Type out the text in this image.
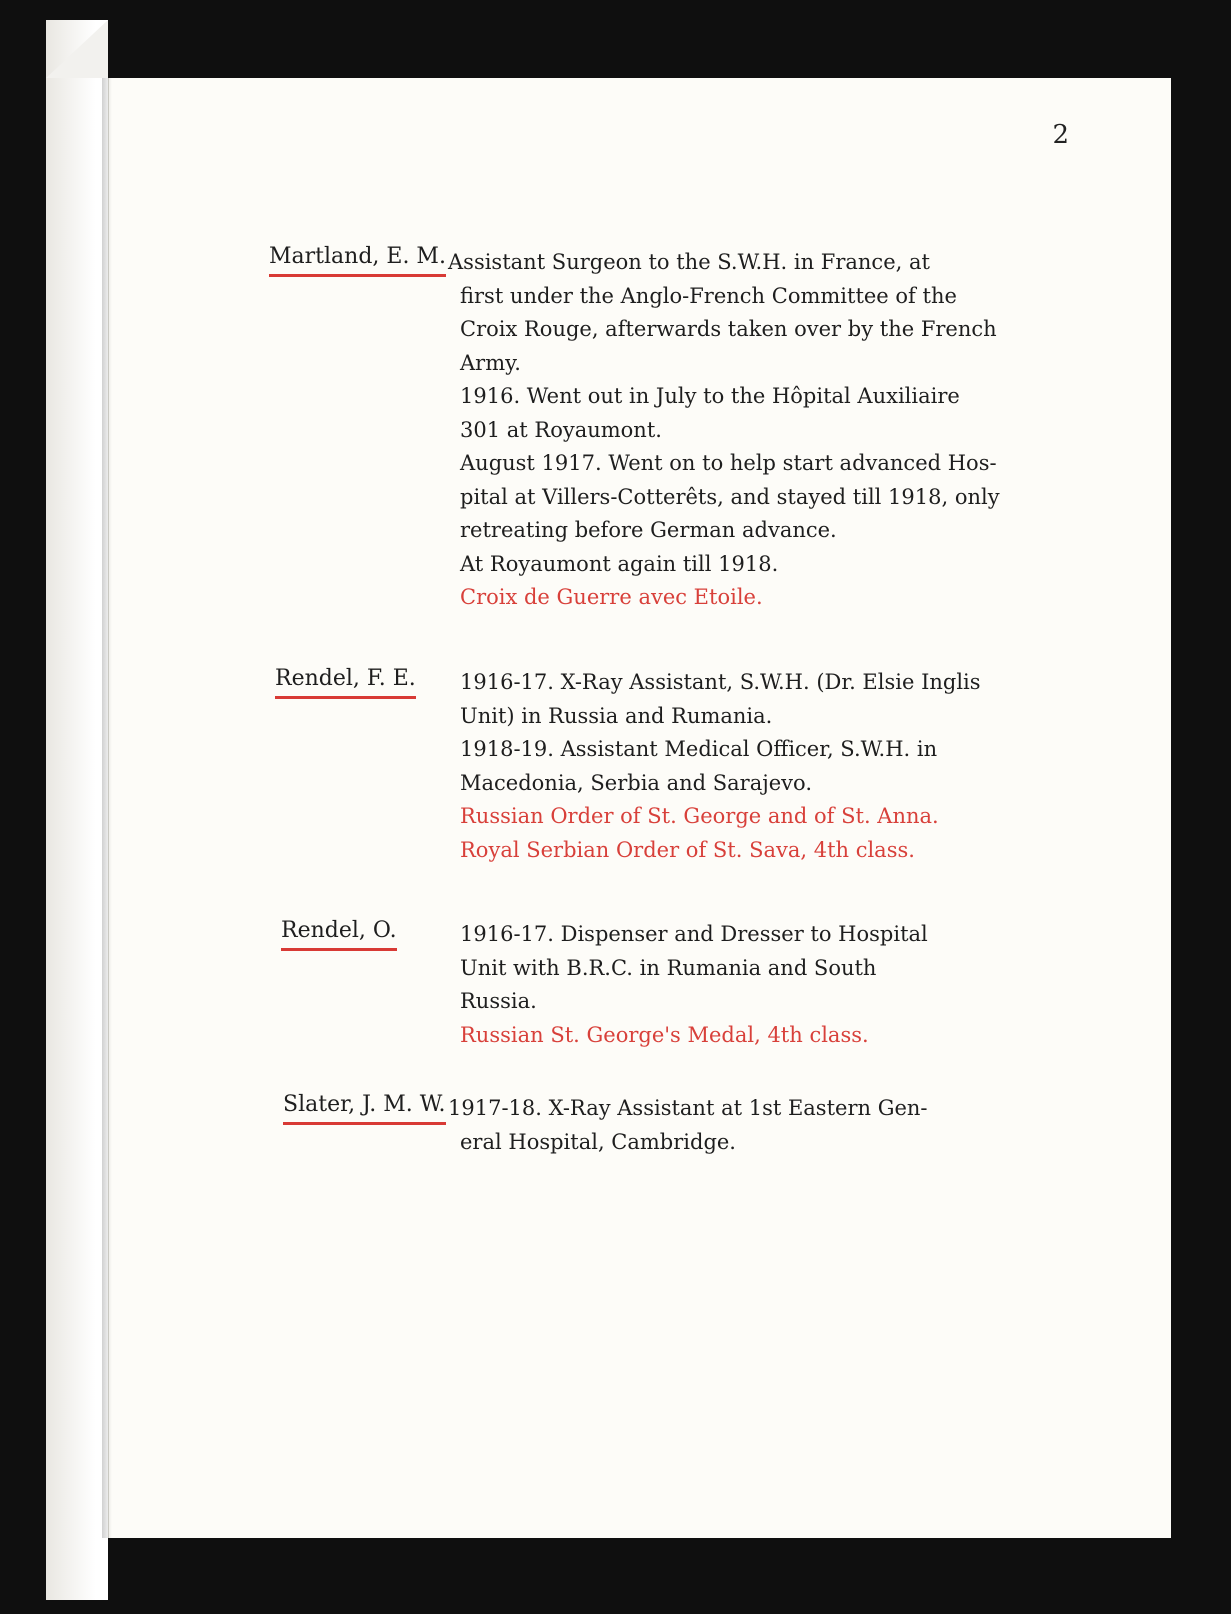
2
Martland, E. M. Assistant Surgeon to the S.W.H. in France, at
first under the Anglo-French Committee of the
Croix Rouge, afterwards taken over by the French
Army.
1916. Went out in July to the Hôpital Auxiliaire
301 at Royaumont.
August 1917. Went on to help start advanced Hos-
pital at Villers-Cotterêts, and stayed till 1918, only
retreating before German advance.
At Royaumont again till 1918.
Croix de Guerre avec Etoile.
Rendel, F. E. 1916-17. X-Ray Assistant, S.W.H. (Dr. Elsie Inglis
Unit) in Russia and Rumania.
1918-19. Assistant Medical Officer, S.W.H. in
Macedonia, Serbia and Sarajevo.
Russian Order of St. George and of St. Anna.
Royal Serbian Order of St. Sava, 4th class.
Rendel, O.	1916-17. Dispenser and Dresser to Hospital
Unit with B.R.C. in Rumania and South
Russia.
Russian St. George's Medal, 4th class.
Slater, J. M. W. 1917-18. X-Ray Assistant at 1st Eastern Gen-
eral Hospital, Cambridge.
